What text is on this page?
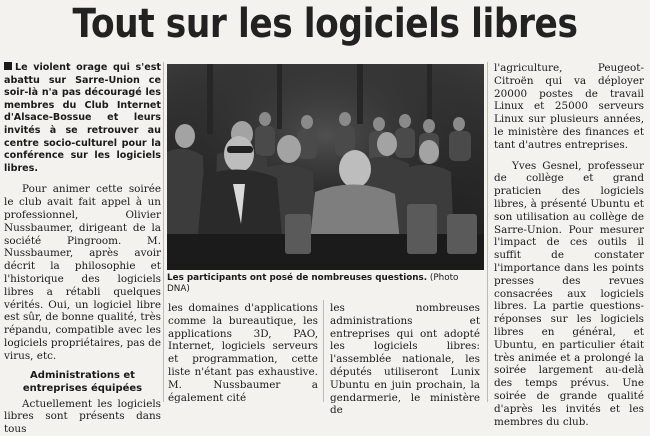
Tout sur les logiciels libres

Le violent orage qui s'est abattu sur Sarre-Union ce soir-là n'a pas découragé les membres du Club Internet d'Alsace-Bossue et leurs invités à se retrouver au centre socio-culturel pour la conférence sur les logiciels libres.

Pour animer cette soirée le club avait fait appel à un professionnel, Olivier Nussbaumer, dirigeant de la société Pingroom. M. Nussbaumer, après avoir décrit la philosophie et l'historique des logiciels libres a rétabli quelques vérités. Oui, un logiciel libre est sûr, de bonne qualité, très répandu, compatible avec les logiciels propriétaires, pas de virus, etc.

Administrations et entreprises équipées

Actuellement les logiciels libres sont présents dans tous

Les participants ont posé de nombreuses questions. (Photo DNA)

les domaines d'applications comme la bureautique, les applications 3D, PAO, Internet, logiciels serveurs et programmation, cette liste n'étant pas exhaustive. M. Nussbaumer a également cité

les nombreuses administrations et entreprises qui ont adopté les logiciels libres: l'assemblée nationale, les députés utiliseront Lunix Ubuntu en juin prochain, la gendarmerie, le ministère de

l'agriculture, Peugeot-Citroën qui va déployer 20000 postes de travail Linux et 25000 serveurs Linux sur plusieurs années, le ministère des finances et tant d'autres entreprises.

Yves Gesnel, professeur de collège et grand praticien des logiciels libres, à présenté Ubuntu et son utilisation au collège de Sarre-Union. Pour mesurer l'impact de ces outils il suffit de constater l'importance dans les points presses des revues consacrées aux logiciels libres. La partie questions-réponses sur les logiciels libres en général, et Ubuntu, en particulier était très animée et a prolongé la soirée largement au-delà des temps prévus. Une soirée de grande qualité d'après les invités et les membres du club.
